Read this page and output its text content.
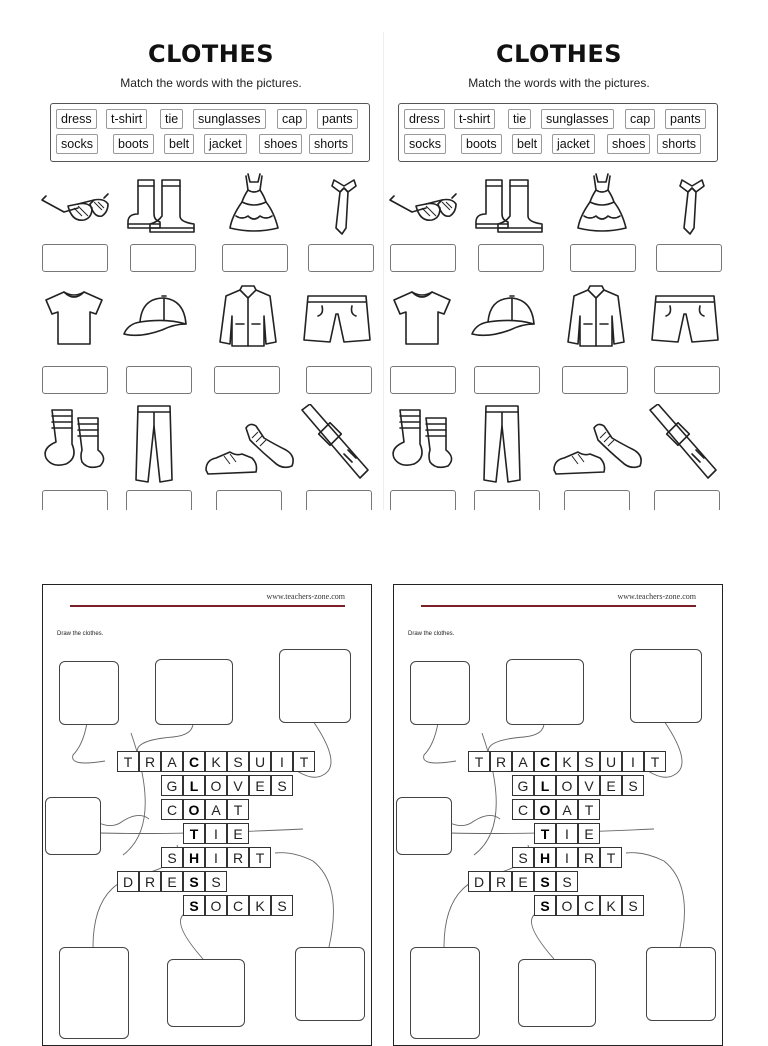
CLOTHES
Match the words with the pictures.
dress	t-shirt	tie	sunglasses	cap	pants
socks	boots	belt	jacket	shoes	shorts
CLOTHES
Match the words with the pictures.
dress	t-shirt	tie	sunglasses	cap	pants
socks	boots	belt	jacket	shoes	shorts
www.teachers-zone.com
Draw the clothes.
T R A C K S U	I	T
G L O V E S
C O A T
T	I	E
S H	I	R T
D R E S S
S O C K S
www.teachers-zone.com
Draw the clothes.
T R A C K S U	I	T
G L O V E S
C O A T
T	I	E
S H	I	R T
D R E S S
S O C K S
